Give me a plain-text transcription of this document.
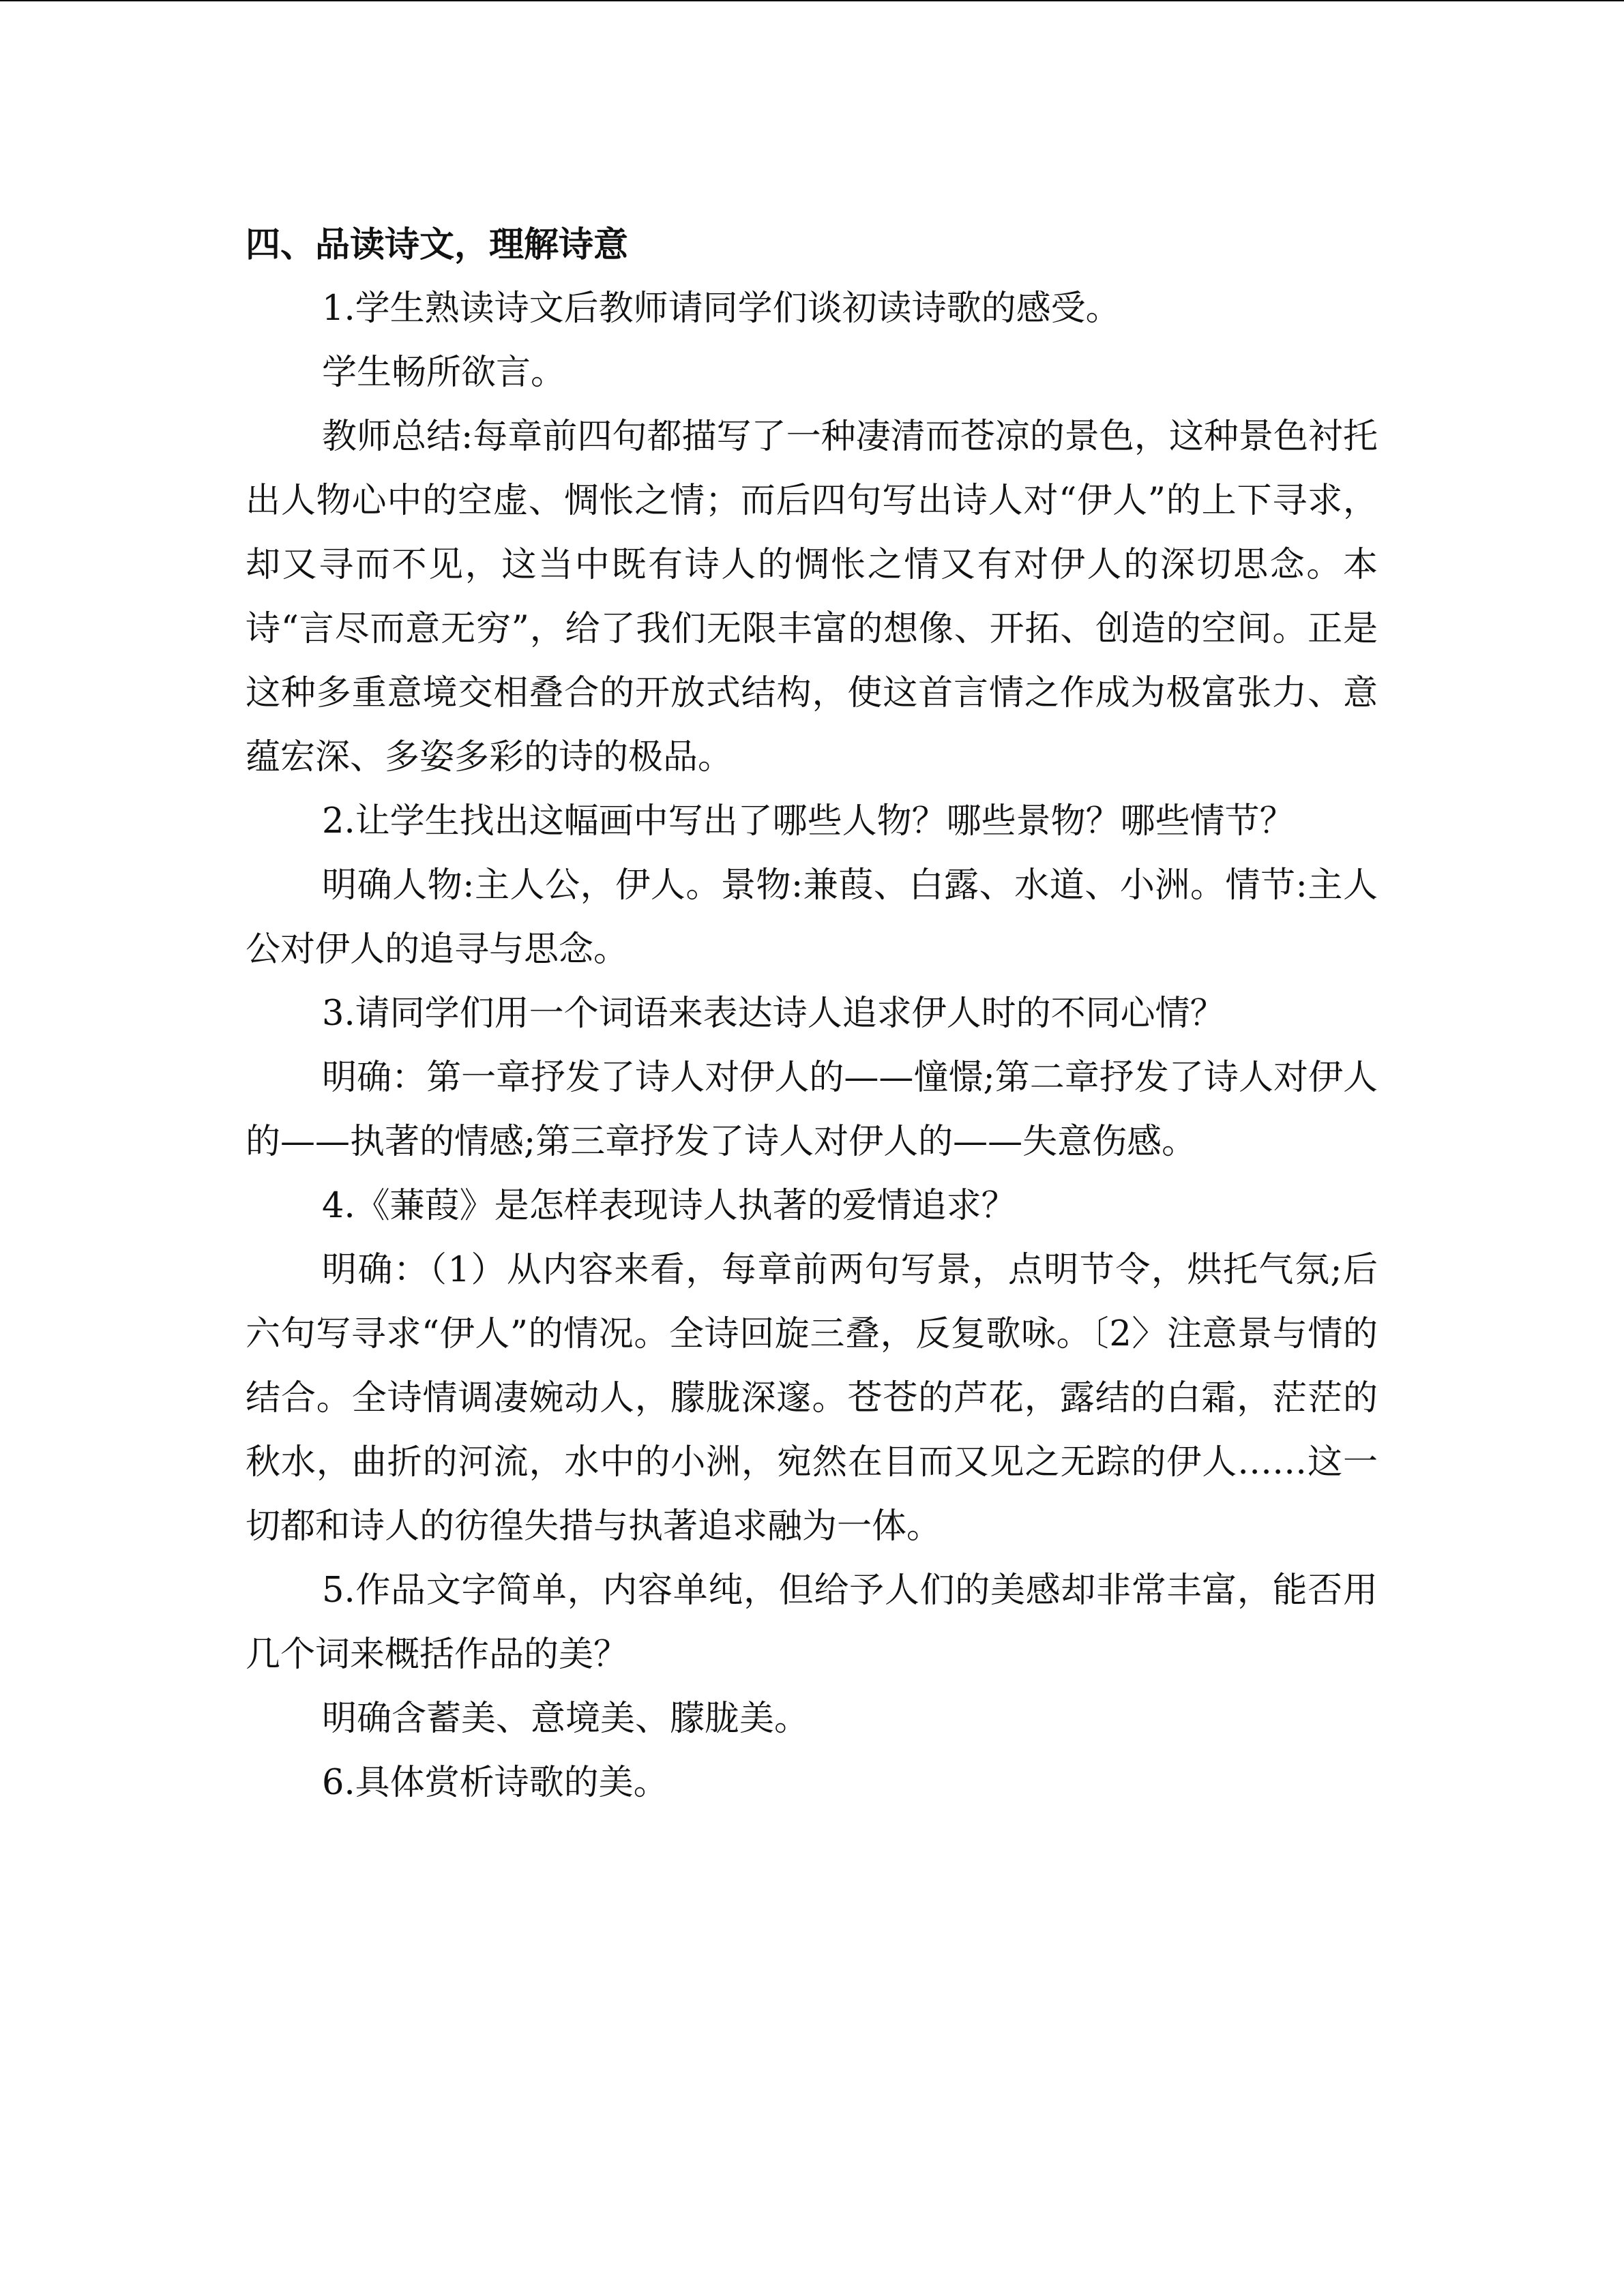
四、品读诗文，理解诗意

1.学生熟读诗文后教师请同学们谈初读诗歌的感受。

学生畅所欲言。

教师总结:每章前四句都描写了一种凄清而苍凉的景色，这种景色衬托出人物心中的空虚、惆怅之情；而后四句写出诗人对“伊人”的上下寻求，却又寻而不见，这当中既有诗人的惆怅之情又有对伊人的深切思念。本诗“言尽而意无穷”，给了我们无限丰富的想像、开拓、创造的空间。正是这种多重意境交相叠合的开放式结构，使这首言情之作成为极富张力、意蕴宏深、多姿多彩的诗的极品。

2.让学生找出这幅画中写出了哪些人物？哪些景物？哪些情节？

明确人物:主人公，伊人。景物:兼葭、白露、水道、小洲。情节:主人公对伊人的追寻与思念。

3.请同学们用一个词语来表达诗人追求伊人时的不同心情？

明确：第一章抒发了诗人对伊人的——憧憬;第二章抒发了诗人对伊人的——执著的情感;第三章抒发了诗人对伊人的——失意伤感。

4.《蒹葭》是怎样表现诗人执著的爱情追求？

明确：（1）从内容来看，每章前两句写景，点明节令，烘托气氛;后六句写寻求“伊人”的情况。全诗回旋三叠，反复歌咏。〔2〉注意景与情的结合。全诗情调凄婉动人，朦胧深邃。苍苍的芦花，露结的白霜，茫茫的秋水，曲折的河流，水中的小洲，宛然在目而又见之无踪的伊人……这一切都和诗人的彷徨失措与执著追求融为一体。

5.作品文字简单，内容单纯，但给予人们的美感却非常丰富，能否用几个词来概括作品的美？

明确含蓄美、意境美、朦胧美。

6.具体赏析诗歌的美。
